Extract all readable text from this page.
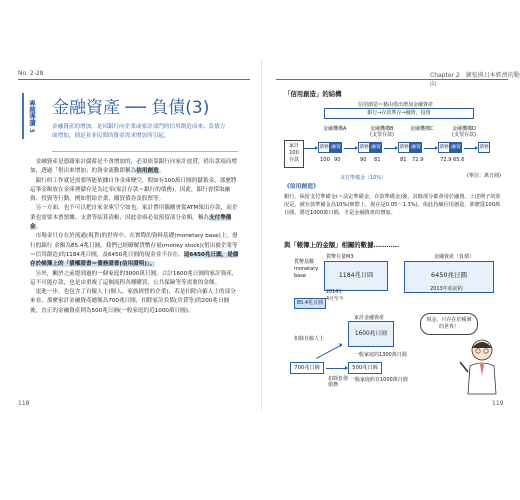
No. 2-28
專題導讀 3 金融資產 ── 負債(3)
金融資產的增加，是因銀行向企業或家計部門的信用創造而來；負債方面增加，則是並非民間的資金需求增加所引起。

金融資產是憑藉家計儲蓄是不會增加的，必須依靠銀行向家計放貸，借出款項而增加，透過「借出來增加」的資金流動即稱為信用創造。

銀行的工作就是需要所能依據自身金庫變空，假如有100萬日圓的儲蓄金，那麼將這筆金額放在金庫裡儲存是為比率(家計存款＝銀行的債務)，因此，銀行會採取融資、投資等行動，例如借給企業、購買債券及股票等。

另一方面，也不可以把自家金庫空空如也。家計費用偶爾會從ATM領出存款，而企業也需要本票票據、支票等結算清帳，因此金庫必須預留部分金額，稱為支付準備金。

市場金只存在於流通(現貨)的世界中。在實際的資料基礎(monetary base)上，發行的銀行 金額為85.4兆日圓，我們已經瞭解貨幣存量(money stock)(借出被企業等＝信用創造)的1184兆日圓，及6450兆日圓的現金並不存在。這6450兆日圓，是儲存於帳簿上的「債權證書＝債務證書(信用證明)」。

另外，關於之前提到過的一個家庭的3000萬日圓，合計1600兆日圓的家計資產，這不可能存款，也是由重複了這個流程各種購買、公共保險等等需要的金額。

更進一步，也包含了自僱人士(個人、家族經營的企業)，若是扣除自僱人士的部分來看，那麼家計金融資產總額為700兆日圓，扣除家計負債(房貸等)的200兆日圓後，直正的金融資產則為500兆日圓(一般家庭約近1000萬日圓)。

118
Chapter 2　擴張與日本經濟的動向
「信用創造」的結構
信用創造＝藉由借出增加金融資產
銀行→存款準存→融資，投資
金融機構A	金融機構B	金融機構C	金融機構D
(支票存款)	(支票存款)
家計
100
存款
債務 融資	債務 融資	債務 融資	債務 融資	債務
100 90	90 81	81 72.9	72.9 65.6
支付準備金（10%）	(單位：萬日圓)
《信用創造》
銀行，保留支付準備金(＝法定準備金，存款準備金)後，其餘部分都會用於融資。上述例子的狀況是，被存款準備金為10%(實際上，現在是0.05～1.3%)，依此持續信用創造，那麼從100萬日圓，將近1000萬日圓，才是金融資產的增加。
與「帳簿上的金額」相關的數據…………
貨幣存量M3
貨幣基數
monetary
base	1184兆日圓
2014年
4月至今
85.4兆日圓
金融資產（負債）
6450兆日圓
2013年底前約
家計金融資產
1600兆日圓
扣除自僱人士
一般家庭的1300萬日圓
700兆日圓
扣除負債
債務
500兆日圓
一般家庭約有1000萬日圓
現金，只存在於帳簿的世界！
119
